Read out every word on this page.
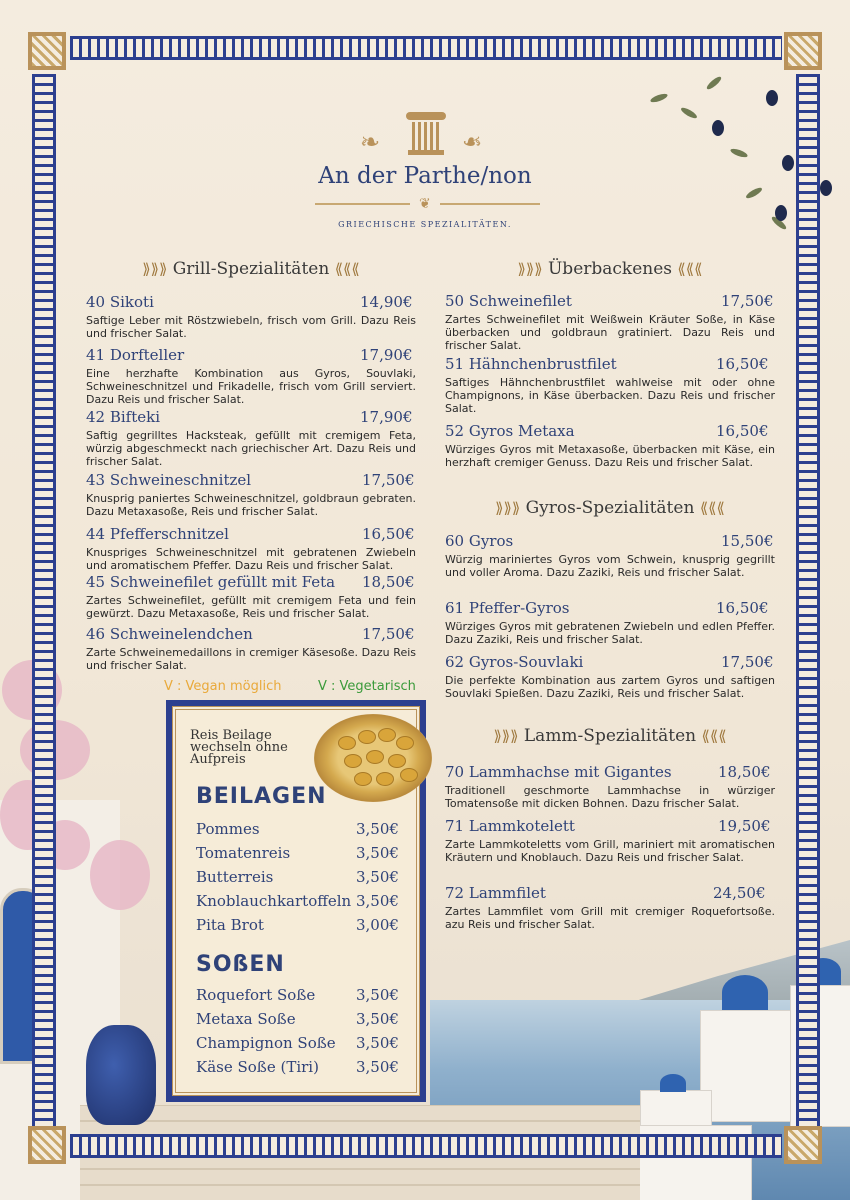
❧	❧
An der Parthe/non
❦
GRIECHISCHE SPEZIALITÄTEN.
⟫⟫⟫ Grill-Spezialitäten ⟪⟪⟪	⟫⟫⟫ Überbackenes ⟪⟪⟪
⟫⟫⟫ Gyros-Spezialitäten ⟪⟪⟪
⟫⟫⟫ Lamm-Spezialitäten ⟪⟪⟪
40 Sikoti	14,90€
Saftige Leber mit Röstzwiebeln, frisch vom Grill. Dazu Reis und frischer Salat.
41 Dorfteller	17,90€
Eine herzhafte Kombination aus Gyros, Souvlaki, Schweineschnitzel und Frikadelle, frisch vom Grill serviert. Dazu Reis und frischer Salat.
42 Bifteki	17,90€
Saftig gegrilltes Hacksteak, gefüllt mit cremigem Feta, würzig abgeschmeckt nach griechischer Art. Dazu Reis und frischer Salat.
43 Schweineschnitzel	17,50€
Knusprig paniertes Schweineschnitzel, goldbraun gebraten. Dazu Metaxasoße, Reis und frischer Salat.
44 Pfefferschnitzel	16,50€
Knuspriges Schweineschnitzel mit gebratenen Zwiebeln und aromatischem Pfeffer. Dazu Reis und frischer Salat.
45 Schweinefilet gefüllt mit Feta 18,50€
Zartes Schweinefilet, gefüllt mit cremigem Feta und fein gewürzt. Dazu Metaxasoße, Reis und frischer Salat.
46 Schweinelendchen	17,50€
Zarte Schweinemedaillons in cremiger Käsesoße. Dazu Reis und frischer Salat.
50 Schweinefilet	17,50€
Zartes Schweinefilet mit Weißwein Kräuter Soße, in Käse überbacken und goldbraun gratiniert. Dazu Reis und frischer Salat.
51 Hähnchenbrustfilet	16,50€
Saftiges Hähnchenbrustfilet wahlweise mit oder ohne Champignons, in Käse überbacken. Dazu Reis und frischer Salat.
52 Gyros Metaxa	16,50€
Würziges Gyros mit Metaxasoße, überbacken mit Käse, ein herzhaft cremiger Genuss. Dazu Reis und frischer Salat.
60 Gyros	15,50€
Würzig mariniertes Gyros vom Schwein, knusprig gegrillt und voller Aroma. Dazu Zaziki, Reis und frischer Salat.
61 Pfeffer-Gyros	16,50€
Würziges Gyros mit gebratenen Zwiebeln und edlen Pfeffer. Dazu Zaziki, Reis und frischer Salat.
62 Gyros-Souvlaki	17,50€
Die perfekte Kombination aus zartem Gyros und saftigen Souvlaki Spießen. Dazu Zaziki, Reis und frischer Salat.
70 Lammhachse mit Gigantes	18,50€
Traditionell geschmorte Lammhachse in würziger Tomatensoße mit dicken Bohnen. Dazu frischer Salat.
71 Lammkotelett	19,50€
Zarte Lammkoteletts vom Grill, mariniert mit aromatischen Kräutern und Knoblauch. Dazu Reis und frischer Salat.
72 Lammfilet	24,50€
Zartes Lammfilet vom Grill mit cremiger Roquefortsoße. azu Reis und frischer Salat.
V : Vegan möglich	V : Vegetarisch
Reis Beilage wechseln ohne Aufpreis
BEILAGEN
Pommes	3,50€
Tomatenreis	3,50€
Butterreis	3,50€
Knoblauchkartoffeln 3,50€
Pita Brot	3,00€
SOßEN
Roquefort Soße	3,50€
Metaxa Soße	3,50€
Champignon Soße 3,50€
Käse Soße (Tiri) 3,50€
